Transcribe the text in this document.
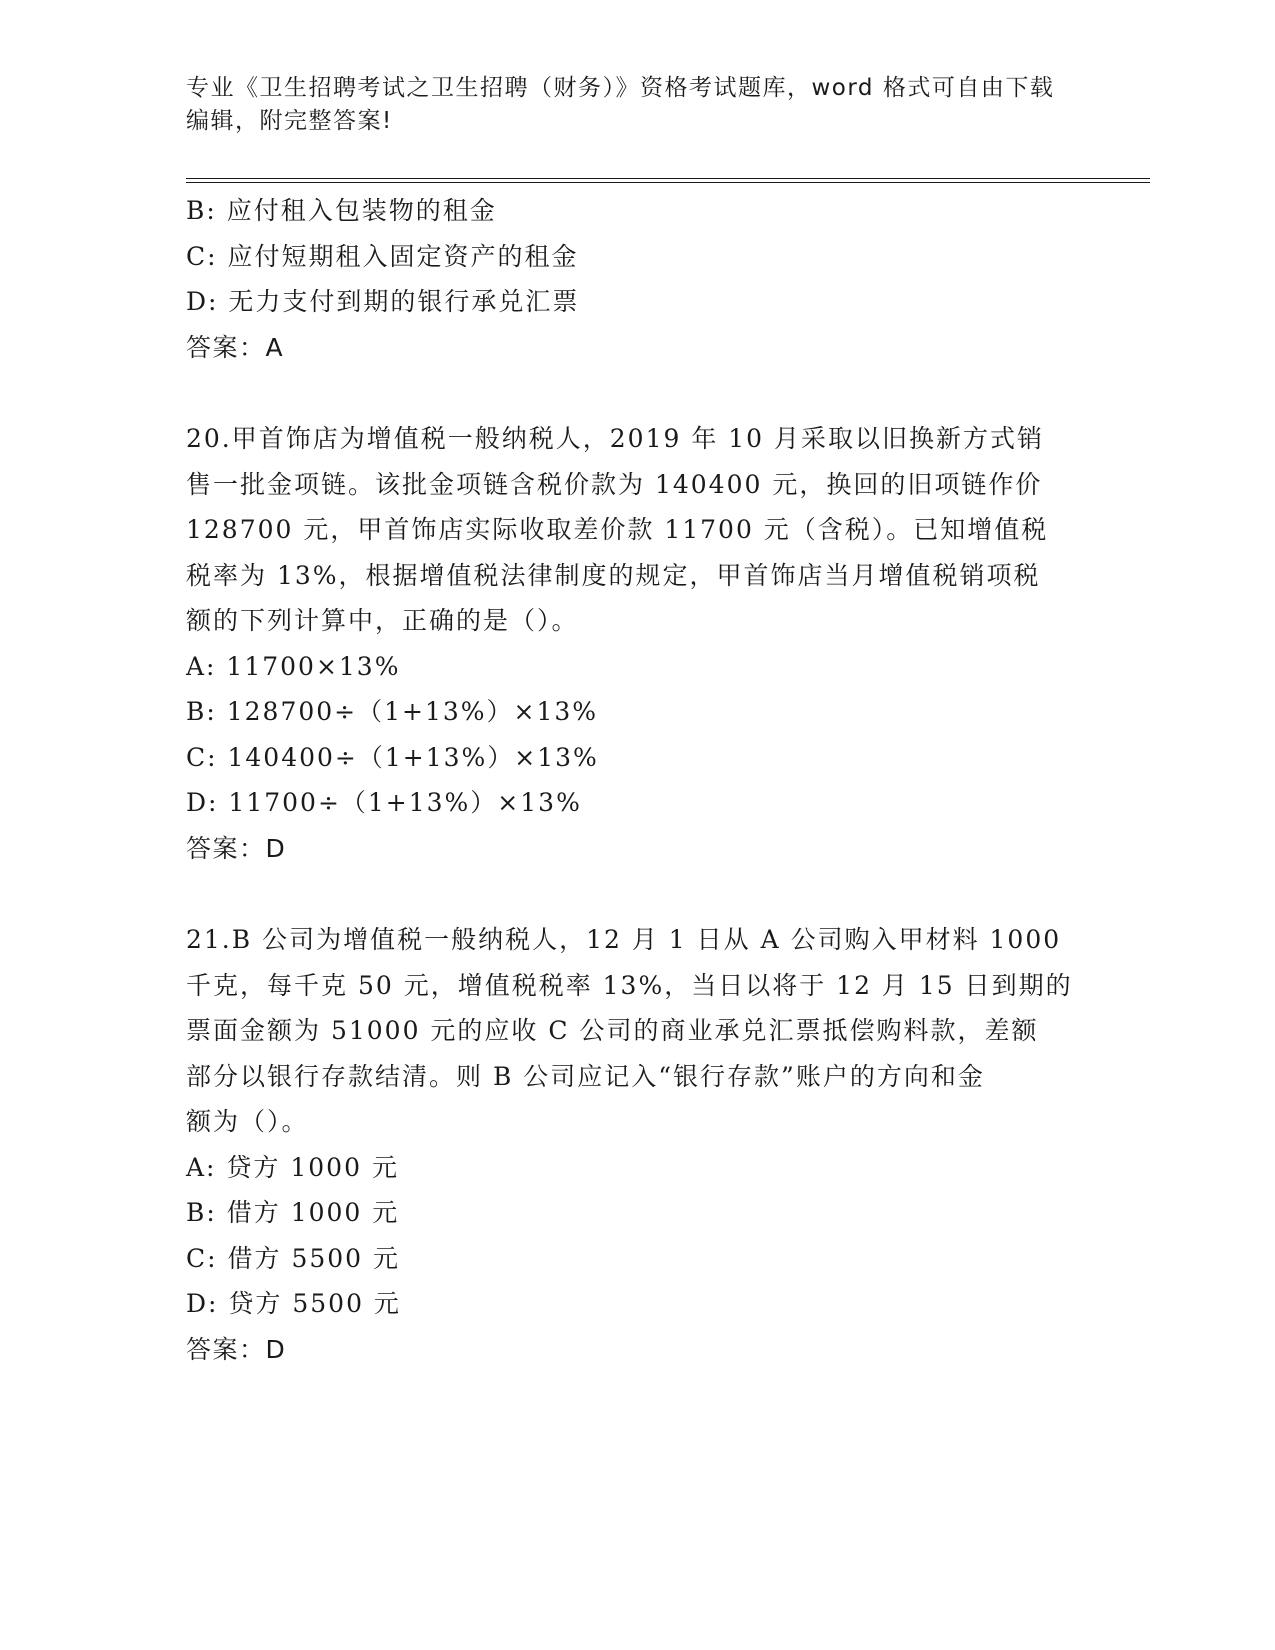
专业《卫生招聘考试之卫生招聘（财务）》资格考试题库，word 格式可自由下载
编辑，附完整答案!
B: 应付租入包装物的租金
C: 应付短期租入固定资产的租金
D: 无力支付到期的银行承兑汇票
答案：A
20.甲首饰店为增值税一般纳税人，2019 年 10 月采取以旧换新方式销
售一批金项链。该批金项链含税价款为 140400 元，换回的旧项链作价
128700 元，甲首饰店实际收取差价款 11700 元（含税）。已知增值税
税率为 13%，根据增值税法律制度的规定，甲首饰店当月增值税销项税
额的下列计算中，正确的是（）。
A: 11700×13%
B: 128700÷（1+13%）×13%
C: 140400÷（1+13%）×13%
D: 11700÷（1+13%）×13%
答案：D
21.B 公司为增值税一般纳税人，12 月 1 日从 A 公司购入甲材料 1000
千克，每千克 50 元，增值税税率 13%，当日以将于 12 月 15 日到期的
票面金额为 51000 元的应收 C 公司的商业承兑汇票抵偿购料款，差额
部分以银行存款结清。则 B 公司应记入“银行存款”账户的方向和金
额为（）。
A: 贷方 1000 元
B: 借方 1000 元
C: 借方 5500 元
D: 贷方 5500 元
答案：D
